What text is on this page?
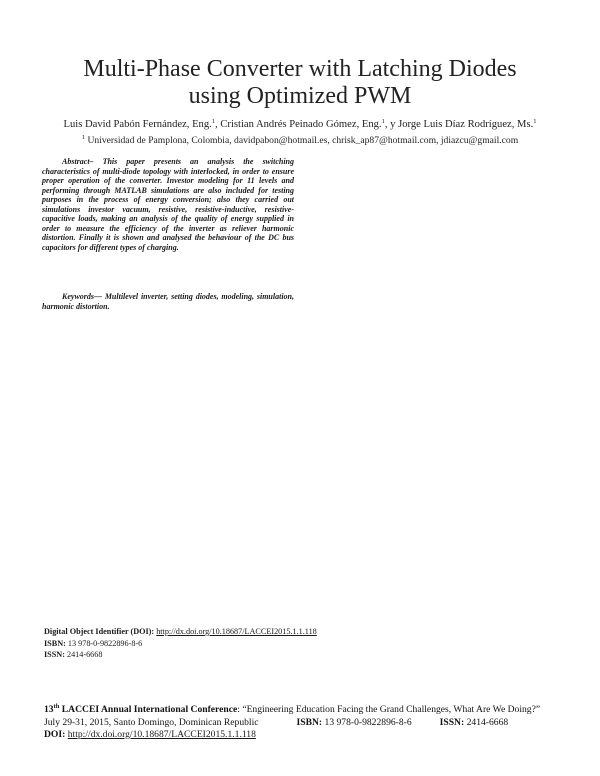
Multi-Phase Converter with Latching Diodes
using Optimized PWM
Luis David Pabón Fernández, Eng.$^1$, Cristian Andrés Peinado Gómez, Eng.$^1$, y Jorge Luis Díaz Rodríguez, Ms.$^1$
$^1$ Universidad de Pamplona, Colombia, davidpabon@hotmail.es, chrisk_ap87@hotmail.com, jdiazcu@gmail.com
Abstract– This paper presents an analysis the switching characteristics of multi-diode topology with interlocked, in order to ensure proper operation of the converter. Investor modeling for 11 levels and performing through MATLAB simulations are also included for testing purposes in the process of energy conversion; also they carried out simulations investor vacuum, resistive, resistive-inductive, resistive-capacitive loads, making an analysis of the quality of energy supplied in order to measure the efficiency of the inverter as reliever harmonic distortion. Finally it is shown and analysed the behaviour of the DC bus capacitors for different types of charging.
Keywords— Multilevel inverter, setting diodes, modeling, simulation, harmonic distortion.
Digital Object Identifier (DOI): http://dx.doi.org/10.18687/LACCEI2015.1.1.118
ISBN: 13 978-0-9822896-8-6
ISSN: 2414-6668
13th LACCEI Annual International Conference: “Engineering Education Facing the Grand Challenges, What Are We Doing?”
July 29-31, 2015, Santo Domingo, Dominican Republic	ISBN: 13 978-0-9822896-8-6	ISSN: 2414-6668
DOI: http://dx.doi.org/10.18687/LACCEI2015.1.1.118
